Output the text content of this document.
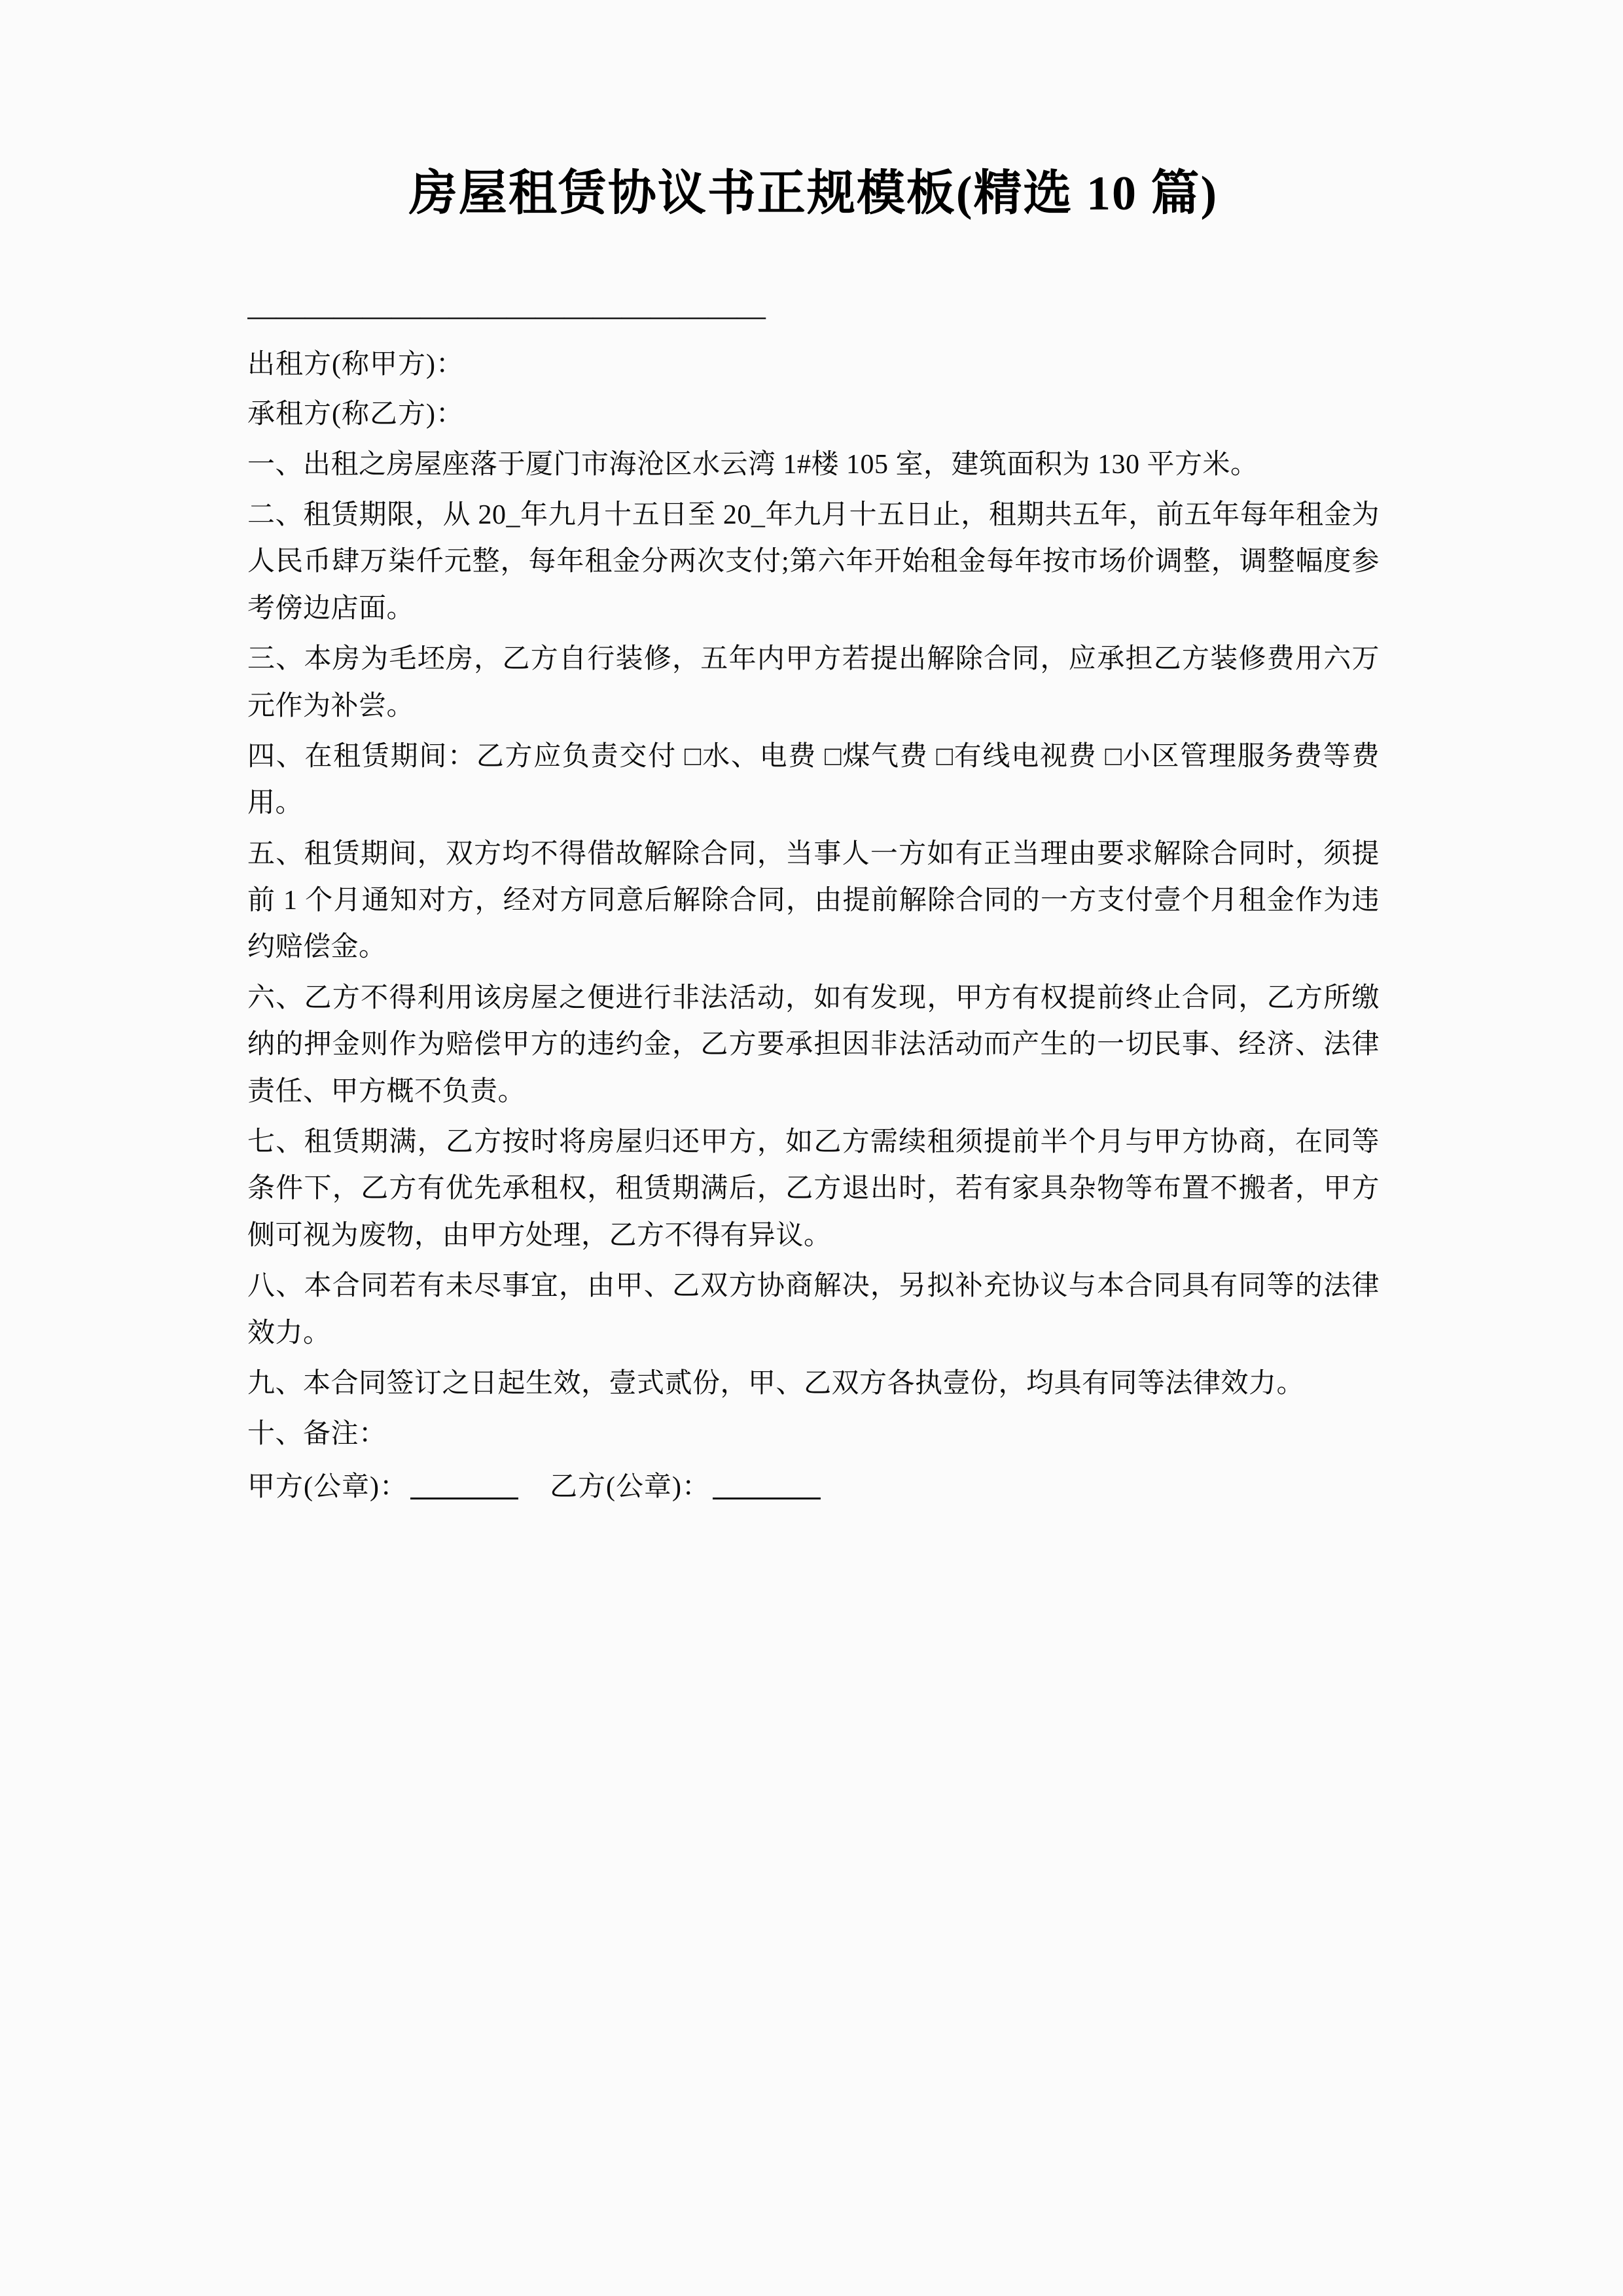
房屋租赁协议书正规模板(精选 10 篇)
——————————————————

出租方(称甲方)：

承租方(称乙方)：

一、出租之房屋座落于厦门市海沧区水云湾 1#楼 105 室，建筑面积为 130 平方米。

二、租赁期限，从 20_年九月十五日至 20_年九月十五日止，租期共五年，前五年每年租金为人民币肆万柒仟元整，每年租金分两次支付;第六年开始租金每年按市场价调整，调整幅度参考傍边店面。

三、本房为毛坯房，乙方自行装修，五年内甲方若提出解除合同，应承担乙方装修费用六万元作为补尝。

四、在租赁期间：乙方应负责交付 □水、电费 □煤气费 □有线电视费 □小区管理服务费等费用。

五、租赁期间，双方均不得借故解除合同，当事人一方如有正当理由要求解除合同时，须提前 1 个月通知对方，经对方同意后解除合同，由提前解除合同的一方支付壹个月租金作为违约赔偿金。

六、乙方不得利用该房屋之便进行非法活动，如有发现，甲方有权提前终止合同，乙方所缴纳的押金则作为赔偿甲方的违约金，乙方要承担因非法活动而产生的一切民事、经济、法律责任、甲方概不负责。

七、租赁期满，乙方按时将房屋归还甲方，如乙方需续租须提前半个月与甲方协商，在同等条件下，乙方有优先承租权，租赁期满后，乙方退出时，若有家具杂物等布置不搬者，甲方侧可视为废物，由甲方处理，乙方不得有异议。

八、本合同若有未尽事宜，由甲、乙双方协商解决，另拟补充协议与本合同具有同等的法律效力。

九、本合同签订之日起生效，壹式贰份，甲、乙双方各执壹份，均具有同等法律效力。

十、备注：

甲方(公章)：	乙方(公章)：
